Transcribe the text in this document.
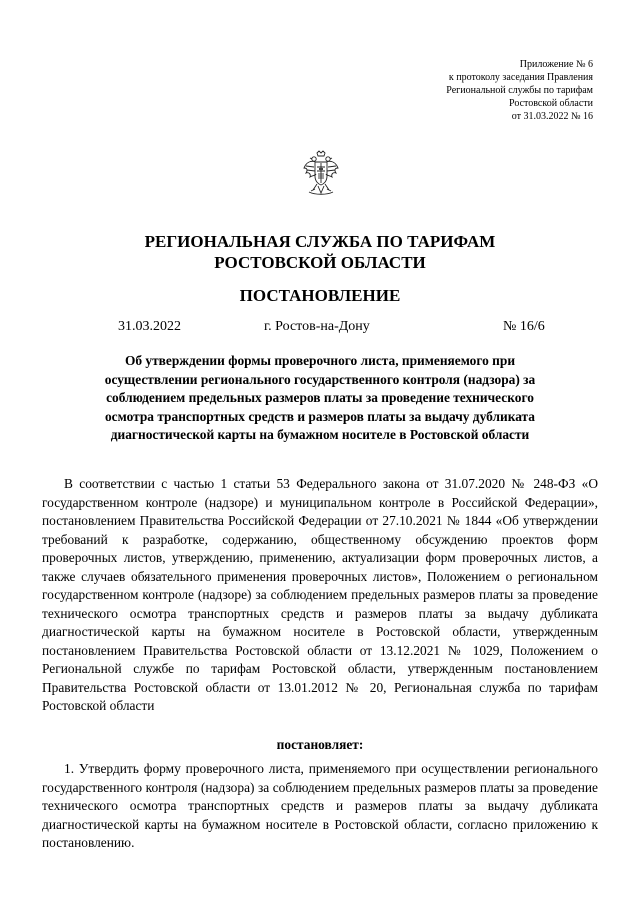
Приложение № 6
к протоколу заседания Правления
Региональной службы по тарифам
Ростовской области
от 31.03.2022 № 16
РЕГИОНАЛЬНАЯ СЛУЖБА ПО ТАРИФАМ
РОСТОВСКОЙ ОБЛАСТИ
ПОСТАНОВЛЕНИЕ
31.03.2022	г. Ростов-на-Дону	№ 16/6
Об утверждении формы проверочного листа, применяемого при осуществлении регионального государственного контроля (надзора) за соблюдением предельных размеров платы за проведение технического осмотра транспортных средств и размеров платы за выдачу дубликата диагностической карты на бумажном носителе в Ростовской области
В соответствии с частью 1 статьи 53 Федерального закона от 31.07.2020 № 248-ФЗ «О государственном контроле (надзоре) и муниципальном контроле в Российской Федерации», постановлением Правительства Российской Федерации от 27.10.2021 № 1844 «Об утверждении требований к разработке, содержанию, общественному обсуждению проектов форм проверочных листов, утверждению, применению, актуализации форм проверочных листов, а также случаев обязательного применения проверочных листов», Положением о региональном государственном контроле (надзоре) за соблюдением предельных размеров платы за проведение технического осмотра транспортных средств и размеров платы за выдачу дубликата диагностической карты на бумажном носителе в Ростовской области, утвержденным постановлением Правительства Ростовской области от 13.12.2021 № 1029, Положением о Региональной службе по тарифам Ростовской области, утвержденным постановлением Правительства Ростовской области от 13.01.2012 № 20, Региональная служба по тарифам Ростовской области
постановляет:
1. Утвердить форму проверочного листа, применяемого при осуществлении регионального государственного контроля (надзора) за соблюдением предельных размеров платы за проведение технического осмотра транспортных средств и размеров платы за выдачу дубликата диагностической карты на бумажном носителе в Ростовской области, согласно приложению к постановлению.
